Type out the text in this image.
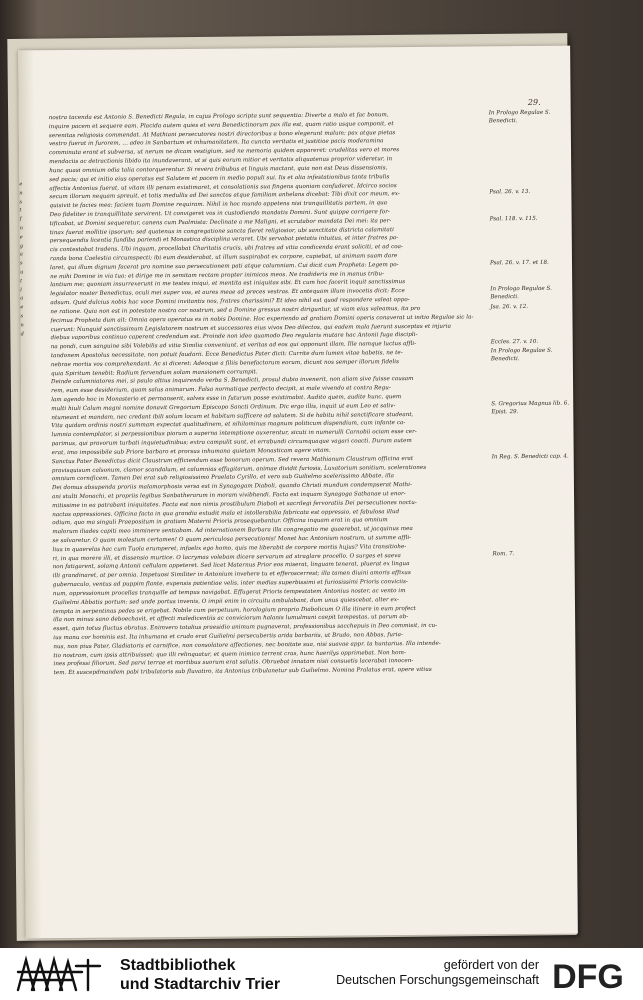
e
n
s
t
f
n
e
g
a
s
u
t
l
a
e
s
n
d
29.
nostra tacenda est Antonio S. Benedicti Regula, in cujus Prologo scripta sunt sequentia: Diverte a malo et fac bonum,
inquire pacem et sequere eam. Placida autem quies et vera Benedictinorum pax illa est, quam ratio usque componit, et
serenitas religiosis commendat. At Mathiani persecutores nostri directoribus a bono elegerunt malum: pax atque pietas
vestro fuerat in furorem, ... adeo in Sanbartum et inhumanitatem. Ita cuncta veritatis et justitiae pacis moderamina
comminuta erant et subversa, ut nerum ne dicam vestigium, sed ne memoria quidem appareret: crudelitas vero et mores
mendaciis ac detractionis libido ita inundaverant, ut si quis eorum mitior et veritatis aliquatenus proprior videretur, in
hunc quasi omnium odia talia contorquerentur. Si revera tribubus et linguis mactant, quia non est Deus dissensionis,
sed pacis; qui et initio eius operatus est Salutem et pacem in medio populi sui. Iis et alia infestationibus tanta tribulis
affectis Antonius fuerat, ut vitam illi penam existimaret, et consolationis sua fingens quoniam confuderet. Idcirco socios
secum illorum nequam spreuit, et totis medullis ad Dei sanctos atque familiam anhelans dicebat: Tibi dixit cor meum, ex-
quisivit te facies mea: faciem tuam Domine requiram. Nihil in hoc mundo appetens nisi tranquillitatis partem, in qua
Deo fideliter in tranquillitate servirent. Ut convigeret vos in custodiendo mandatis Domini. Sunt quippe corrigere for-
tificabat, ut Domini sequeretur, canens cum Psalmista: Declinate a me Maligni, et scrutabor mandata Dei mei: ita per-
tinax fuerat mollitie ipsorum; sed quatenus in congregatione sancta fieret religiosior, ubi sanctitate districta calamitati
persequendis licentia fundiba pariendi et Monastica disciplina veraret. Ubi servabat pietatis intuitus, et inter fratres pa-
cis contestabat tradens. Ubi inquam, procellabat Charitatis crucis, ubi fratres ad vitia condicenda erant soliciti, et ad coa-
randa bona Caelestia circumspecti; ibi eum desiderabat, ut illum suspirabat ex corpore, cupiebat, ut animam suam dare
laret, qui illum dignum facerat pro nomine suo persecutionem pati atque calumniam. Cui dicit cum Propheta: Legem po-
ne mihi Domine in via tua: et dirige me in semitam rectam propter inimicos meos. Ne tradideris me in manus tribu-
lantium me; quoniam insurrexerunt in me testes iniqui, et mentita est iniquitas sibi. Et cum hoc facerit inquit sanctissimus
legislator noster Benedictus, oculi mei super vos, et aures meae ad preces vestras. Et antequam illum invocetis dicit: Ecce
adsum. Quid dulcius nobis hac voce Domini invitantis nos, fratres charissimi? Et ideo nihil est quod respondere valeat oppo-
ne ratione. Quia non est in potestate nostra cor nostrum, sed a Domine gressus nostri diriguntur, ut viam eius valeamus, ita pro
fecimus Propheta dum ait: Omnia opera operatus es in nobis Domine. Hoc experiendo ad gratiam Domini operis conaverat ut initio Regulae sic la-
cuerunt: Nunquid sanctissimum Legislatorem nostrum et successores eius vivos Deo dilectos, qui eadem mala fuerunt susceptas et injuria
diebus vaporibus continuo caperent credendum est. Proinde non ideo quamodo Deo regularis mutare hac Antonii fuga discipli-
na pondi, cum sanguine sibi Volebilis ad vitia Similia conveniunt, et veritas ad eos qui opponunt illam. Ille namque luctus affli-
tandonem Apostolus necessitate, non potuit faudarii. Ecce Benedictus Pater dicit: Currite dum lumen vitae habetis, ne te-
nebrae mortis vos comprehendant. Ac si diceret: Adeoque a filiis benefactorum eorum, dicunt nos semper illorum fidelis
quia Spiritum tenebit: Radium fervendum solam mansionem corrumpit.
Deinde calumniatores mei, si paulo altius inquirendo verba S. Benedicti, prosul dubio invenerit, non aliam sive fuisse causam
rem, eum esse desiderium, quam salus animarum. Falsa normatique perfecto decipit, si male vivendo et contra Regu-
lam agendo hoc in Monasterio et permanserit, salves esse in futurum posse existimabit. Audito quem, audite hunc, quem
multi hiuli Calum magni nomine donavit Gregorium Episcopo Sancti Ordinum. Dic ergo illis, inquit ut eum Leo et saliv-
ntumeant et mandam, nec credant ibili solum locum et habitum sufficere ad salutem. Si de habitu nihil sanctificare studeant,
Vita quidam ordinis nostri summam expectat qualitudinem, et nihilominus magnum politicum dispendium, cum infante ca-
lumnia contemplator, si perpessionibus piorum a superna intemptione auxerentur, sicuti in numerulli Carnobii ociam esse cer-
parimus, qui pravorum turbati inquietudinibus; extra campulit sunt, et errabundi circumquaque vagari coacti. Durum autem
erat, imo impossibile sub Priore barbaro et prorsus inhumana quietam Monasticam agere vitam.
Sanctus Pater Benedictus dicit Claustrum efficiendum esse bonorum operum. Sed revera Mathianum Claustrum officina erat
pravisquisum calsonum, clamor scandalum, et calumnias effugitarum, animae dividit furiosis, Luxatorium sonitium, scelerationes
omnium cornificem. Tamen Dei erat sub religiosissimo Praelato Cyrillo, et vero sub Guilielmo scelerissimo Abbate, illa
Dei domus absupenda proriis malamorphosis versa est in Synagogam Diaboli, quando Christi mundum condempserat Mathi-
ani stulti Monachi, et propriis legibus Sanbatherarum in moram vivibhendi. Facta est inquam Synagoga Sathanae ut enor-
mitissime in ea patrabant iniquitates. Facta est non nimis prostibulum Diaboli et sacrilegi fervoratiis Dei persecutiones noctu-
nactas oppressiones. Officina facta in qua grandia extudit mala et intollerabilia fabricata est oppressio, et fabulosa illud
odium, quo ma singuli Praepositum in gratiam Materni Prioris prosequebantur. Officina inquam erat in qua omnium
malorum iliades capiti meo imminere sentiabam. Ad internationem Barbara illa congregatio me quaerebat, ut jacquinus mea
se salvaretur. O quam molestum certamen! O quam periculosa persecutionis! Monet hac Antonium nostrum, ut summe affli-
lius in quaerelas hac cum Tuola erumperet, infaelix ego homo, quis me liberabit de corpore mortis hujus? Vita transitiohe-
ri, in qua morere illi, et dissensio murtice. O lacrymas volebam dicere servarum ad straglare procello. O surges et saeva
non fatigarent, solamq Antonii cellulam appeteret. Sed licet Maternus Prior eos miserat, linguam tenerat, pluerat ex lingua
illi grandinaret, at per omnia. Impetuosi Similiter in Antonium invehere tu et efferoscerrest; illa tamen diuini amoris affixus
gubernaculo, ventus ad puppim flante, expensis patientiae velis, inter medias superbissimi et furiosissimi Prioris conviciis-
num, oppressionum procellas tranquille ad tempus navigabat. Effugerat Prioris tempestatem Antonius noster, ac vento im
Guilielmi Abbatis portum: sed unde portus invenis, O impii enim in circuitu ambulabant, dum unus quiescebat, alter ex-
tempta in serpentinas pedes se erigebat. Nobile cum perpetuum, horologium proprio Diabolicum O illa itinere in eum profect
illa non minus sano deboechavit, et affecti maledicentiis ac conviciorum halanis lumulmuni caepit tempestas, ut parum ab-
esset, quin totus fluctus obrutus. Enimvero totalius praesidio animum pugnaverat, professionibus sacchepuis in Deo commisit, in cu-
ius manu cor hominis est. Ita inhumana et crudo erat Guilielmi persecuberiis arida barbariis, ut Brudo, non Abbas, furia-
nus, non pius Pater, Gladiatoris et carnifice, non consolatore affectiones, nec bonitate sua, nisi suavae appr. ta huntarius. Illa intende-
tio nostram, cum ipsis attribuisset; quo illi relinquatur, et quem inimico terrent cras, hunc haerilys opprimebat. Non hom-
ines professi filiorum. Sed parvi terrae et mortibus suorum erat salutis. Obruebat innatam nisii consuetis lacerabat innocen-
tem. Et suscepdmandem pabi tribulatoris sub fluvatiro, ita Antonius tribulanetur sub Guilielmo. Nomina Pralatus erat, opere vitius
In Prologo Regulae S. Benedicti.
Psal. 26. v. 13.
Psal. 118. v. 115.
Psal. 26. v. 17. et 18.
In Prologo Regulae S. Benedicti.
Jsa. 26. v. 12.
Eccles. 27. v. 10.
In Prologo Regulae S. Benedicti.
S. Gregorius Magnus lib. 6. Epist. 29.
In Reg. S. Benedicti cap. 4.
Rom. 7.
Stadtbibliothek
und Stadtarchiv Trier
gefördert von der
Deutschen Forschungsgemeinschaft DFG
